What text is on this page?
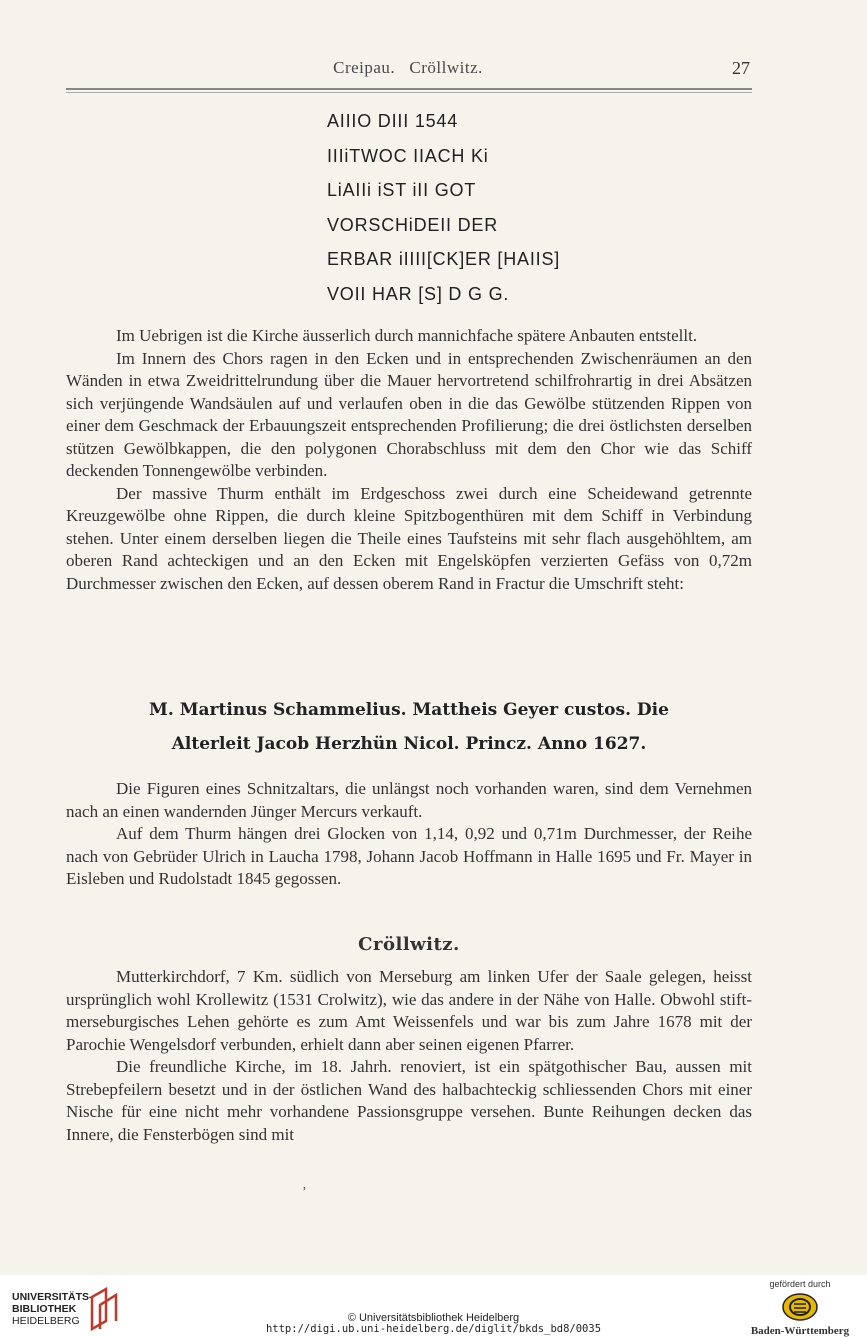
Creipau.   Cröllwitz.	27
AIIIO DIII 1544
IIIiTWOC IIACH Ki
LiAIIi iST iII GOT
VORSCHiDEII DER
ERBAR iIIII[CK]ER [HAIIS]
VOII HAR [S] D G G.

Im Uebrigen ist die Kirche äusserlich durch mannichfache spätere Anbauten entstellt.

Im Innern des Chors ragen in den Ecken und in entsprechenden Zwischenräumen an den Wänden in etwa Zweidrittelrundung über die Mauer hervortretend schilfrohrartig in drei Absätzen sich verjüngende Wandsäulen auf und verlaufen oben in die das Gewölbe stützenden Rippen von einer dem Geschmack der Erbauungszeit entsprechenden Profilierung; die drei östlichsten derselben stützen Gewölbkappen, die den polygonen Chorabschluss mit dem den Chor wie das Schiff deckenden Tonnengewölbe verbinden.

Der massive Thurm enthält im Erdgeschoss zwei durch eine Scheidewand getrennte Kreuzgewölbe ohne Rippen, die durch kleine Spitzbogenthüren mit dem Schiff in Verbindung stehen. Unter einem derselben liegen die Theile eines Taufsteins mit sehr flach ausgehöhltem, am oberen Rand achteckigen und an den Ecken mit Engelsköpfen verzierten Gefäss von 0,72m Durchmesser zwischen den Ecken, auf dessen oberem Rand in Fractur die Umschrift steht:

M. Martinus Schammelius. Mattheis Geyer custos. Die
Alterleit Jacob Herzhün Nicol. Princz. Anno 1627.

Die Figuren eines Schnitzaltars, die unlängst noch vorhanden waren, sind dem Vernehmen nach an einen wandernden Jünger Mercurs verkauft.

Auf dem Thurm hängen drei Glocken von 1,14, 0,92 und 0,71m Durchmesser, der Reihe nach von Gebrüder Ulrich in Laucha 1798, Johann Jacob Hoffmann in Halle 1695 und Fr. Mayer in Eisleben und Rudolstadt 1845 gegossen.

Cröllwitz.

Mutterkirchdorf, 7 Km. südlich von Merseburg am linken Ufer der Saale gelegen, heisst ursprünglich wohl Krollewitz (1531 Crolwitz), wie das andere in der Nähe von Halle. Obwohl stift-merseburgisches Lehen gehörte es zum Amt Weissenfels und war bis zum Jahre 1678 mit der Parochie Wengelsdorf verbunden, erhielt dann aber seinen eigenen Pfarrer.

Die freundliche Kirche, im 18. Jahrh. renoviert, ist ein spätgothischer Bau, aussen mit Strebepfeilern besetzt und in der östlichen Wand des halbachteckig schliessenden Chors mit einer Nische für eine nicht mehr vorhandene Passionsgruppe versehen. Bunte Reihungen decken das Innere, die Fensterbögen sind mit

’
UNIVERSITÄTS-
BIBLIOTHEK
HEIDELBERG	© Universitätsbibliothek Heidelberg
http://digi.ub.uni-heidelberg.de/diglit/bkds_bd8/0035
gefördert durch
Baden-Württemberg
